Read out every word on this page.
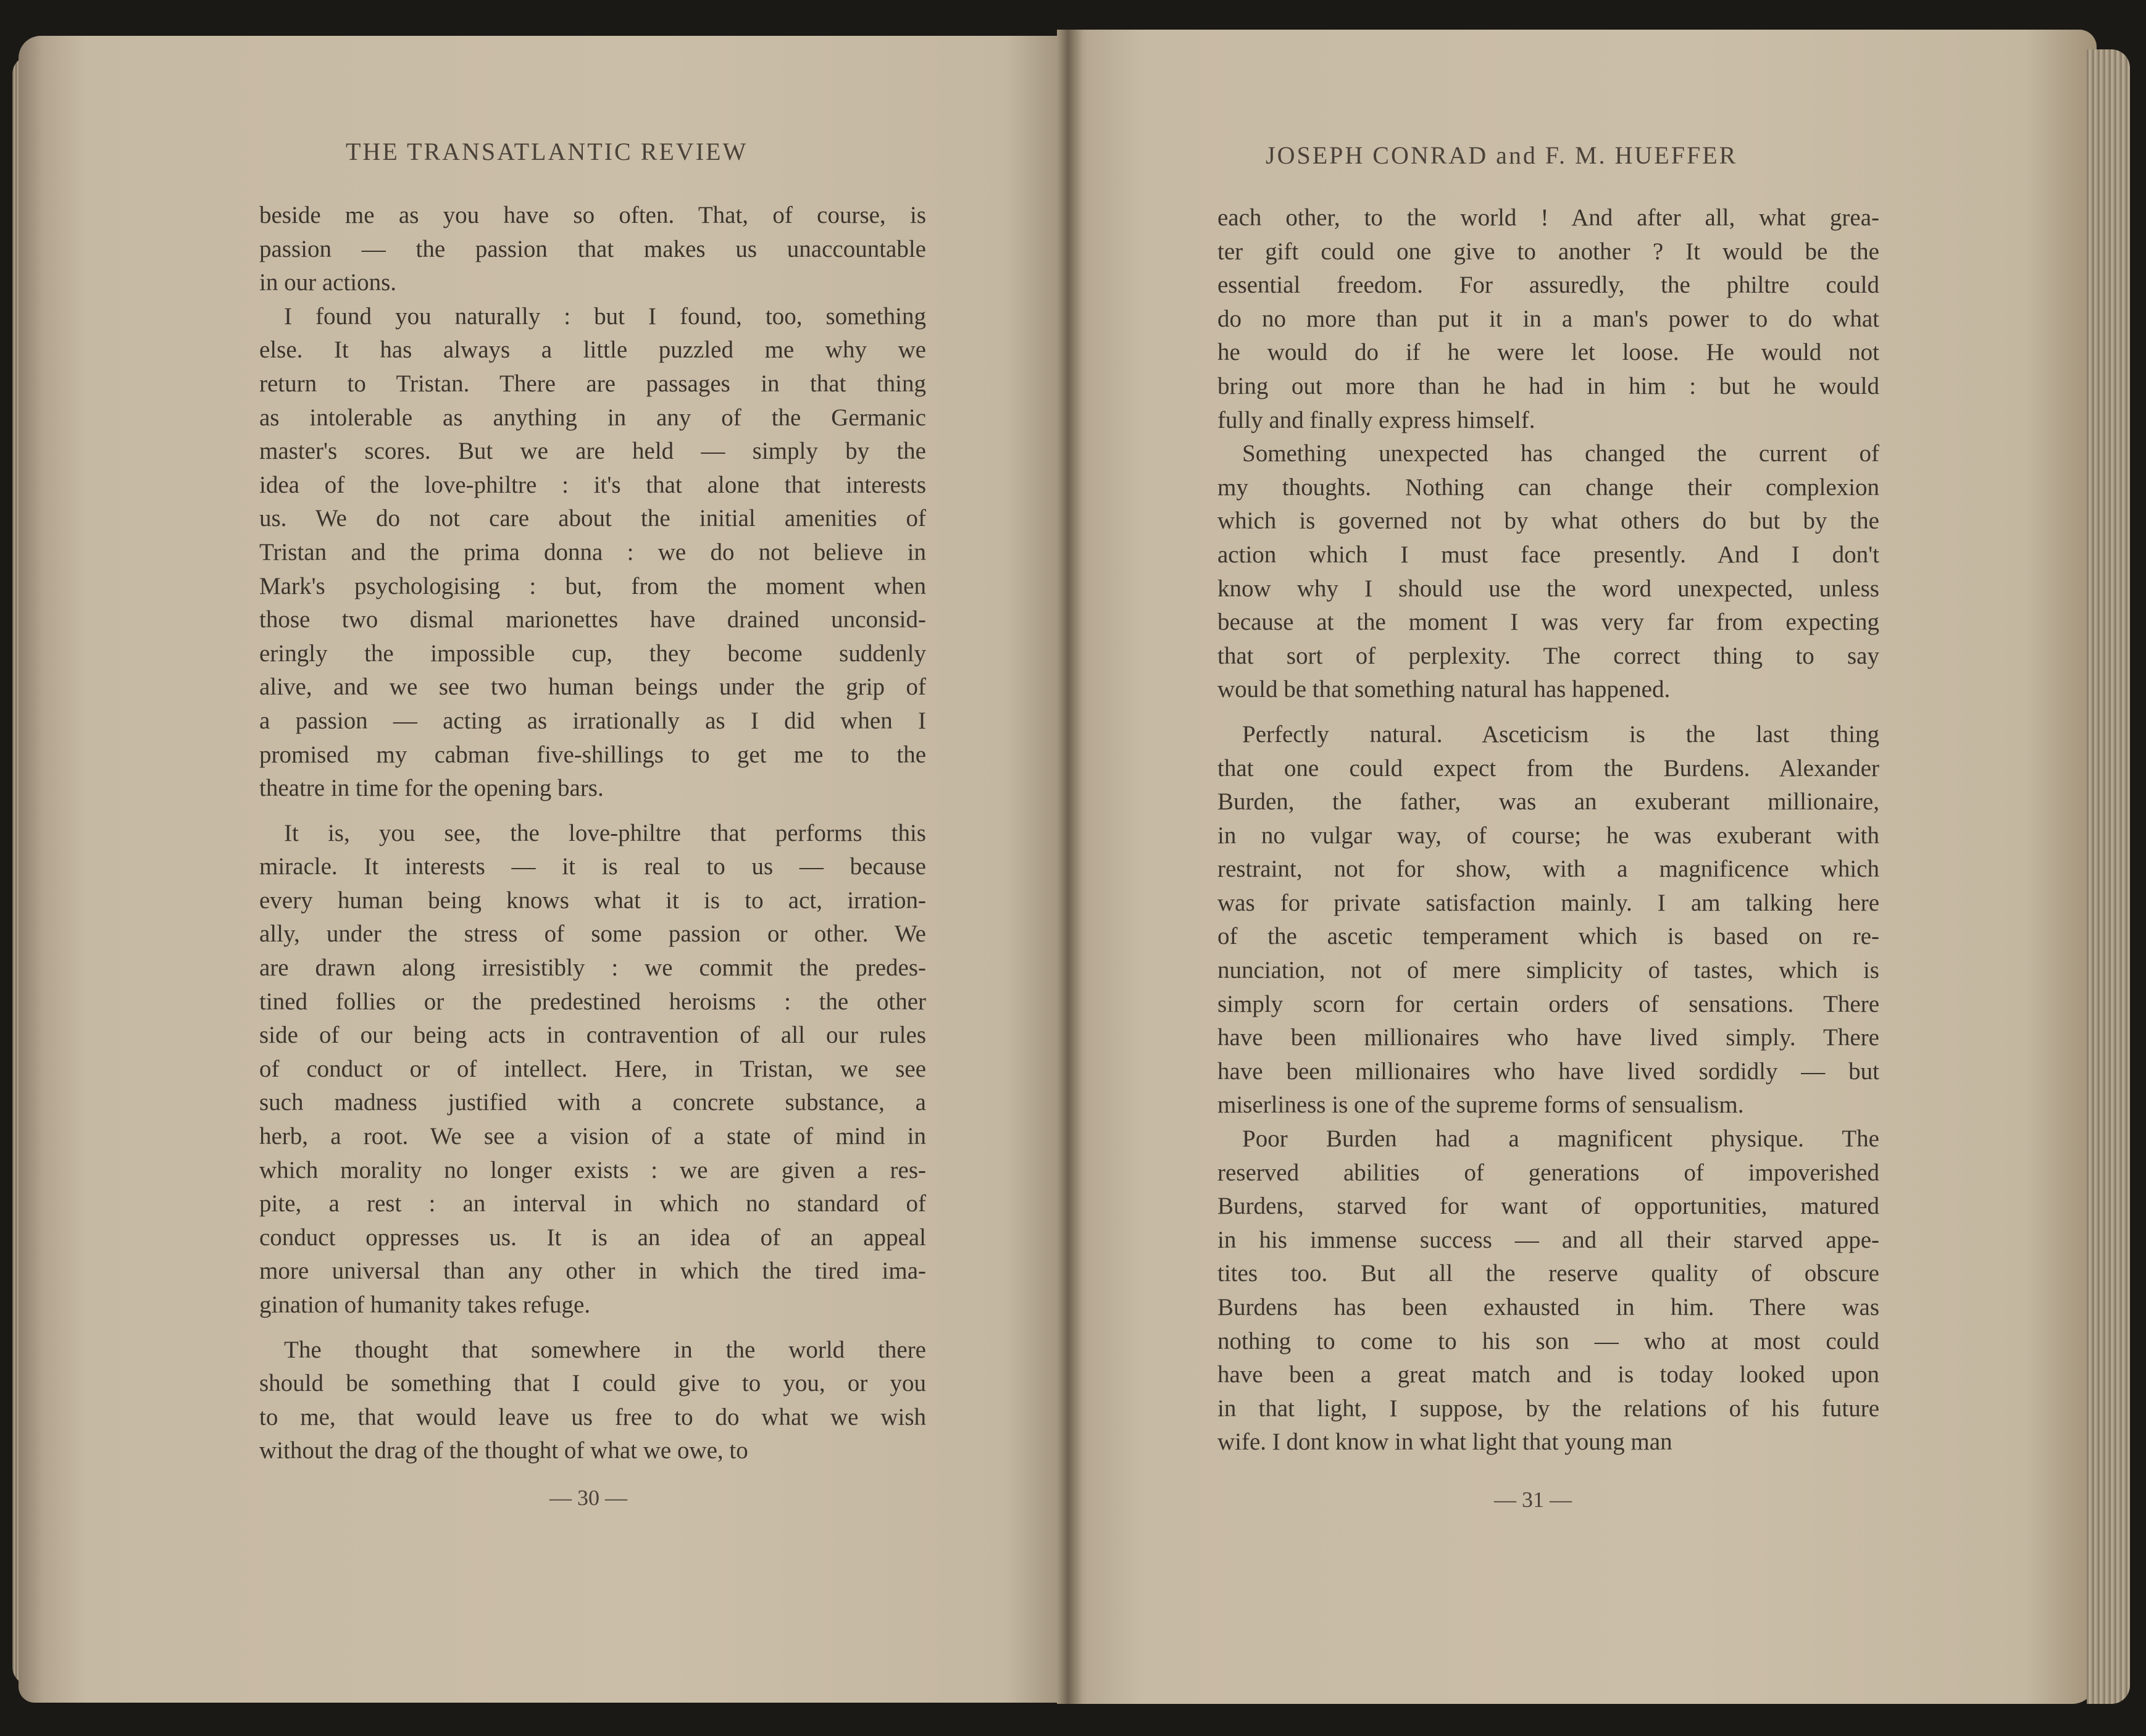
THE TRANSATLANTIC REVIEW	JOSEPH CONRAD and F. M. HUEFFER
beside me as you have so often. That, of course, is
passion — the passion that makes us unaccountable
in our actions.
I found you naturally : but I found, too, something
else. It has always a little puzzled me why we
return to Tristan. There are passages in that thing
as intolerable as anything in any of the Germanic
master's scores. But we are held — simply by the
idea of the love-philtre : it's that alone that interests
us. We do not care about the initial amenities of
Tristan and the prima donna : we do not believe in
Mark's psychologising : but, from the moment when
those two dismal marionettes have drained unconsid-
eringly the impossible cup, they become suddenly
alive, and we see two human beings under the grip of
a passion — acting as irrationally as I did when I
promised my cabman five-shillings to get me to the
theatre in time for the opening bars.
It is, you see, the love-philtre that performs this
miracle. It interests — it is real to us — because
every human being knows what it is to act, irration-
ally, under the stress of some passion or other. We
are drawn along irresistibly : we commit the predes-
tined follies or the predestined heroisms : the other
side of our being acts in contravention of all our rules
of conduct or of intellect. Here, in Tristan, we see
such madness justified with a concrete substance, a
herb, a root. We see a vision of a state of mind in
which morality no longer exists : we are given a res-
pite, a rest : an interval in which no standard of
conduct oppresses us. It is an idea of an appeal
more universal than any other in which the tired ima-
gination of humanity takes refuge.
The thought that somewhere in the world there
should be something that I could give to you, or you
to me, that would leave us free to do what we wish
without the drag of the thought of what we owe, to
each other, to the world ! And after all, what grea-
ter gift could one give to another ? It would be the
essential freedom. For assuredly, the philtre could
do no more than put it in a man's power to do what
he would do if he were let loose. He would not
bring out more than he had in him : but he would
fully and finally express himself.
Something unexpected has changed the current of
my thoughts. Nothing can change their complexion
which is governed not by what others do but by the
action which I must face presently. And I don't
know why I should use the word unexpected, unless
because at the moment I was very far from expecting
that sort of perplexity. The correct thing to say
would be that something natural has happened.
Perfectly natural. Asceticism is the last thing
that one could expect from the Burdens. Alexander
Burden, the father, was an exuberant millionaire,
in no vulgar way, of course; he was exuberant with
restraint, not for show, with a magnificence which
was for private satisfaction mainly. I am talking here
of the ascetic temperament which is based on re-
nunciation, not of mere simplicity of tastes, which is
simply scorn for certain orders of sensations. There
have been millionaires who have lived simply. There
have been millionaires who have lived sordidly — but
miserliness is one of the supreme forms of sensualism.
Poor Burden had a magnificent physique. The
reserved abilities of generations of impoverished
Burdens, starved for want of opportunities, matured
in his immense success — and all their starved appe-
tites too. But all the reserve quality of obscure
Burdens has been exhausted in him. There was
nothing to come to his son — who at most could
have been a great match and is today looked upon
in that light, I suppose, by the relations of his future
wife. I dont know in what light that young man
— 30 —	— 31 —
